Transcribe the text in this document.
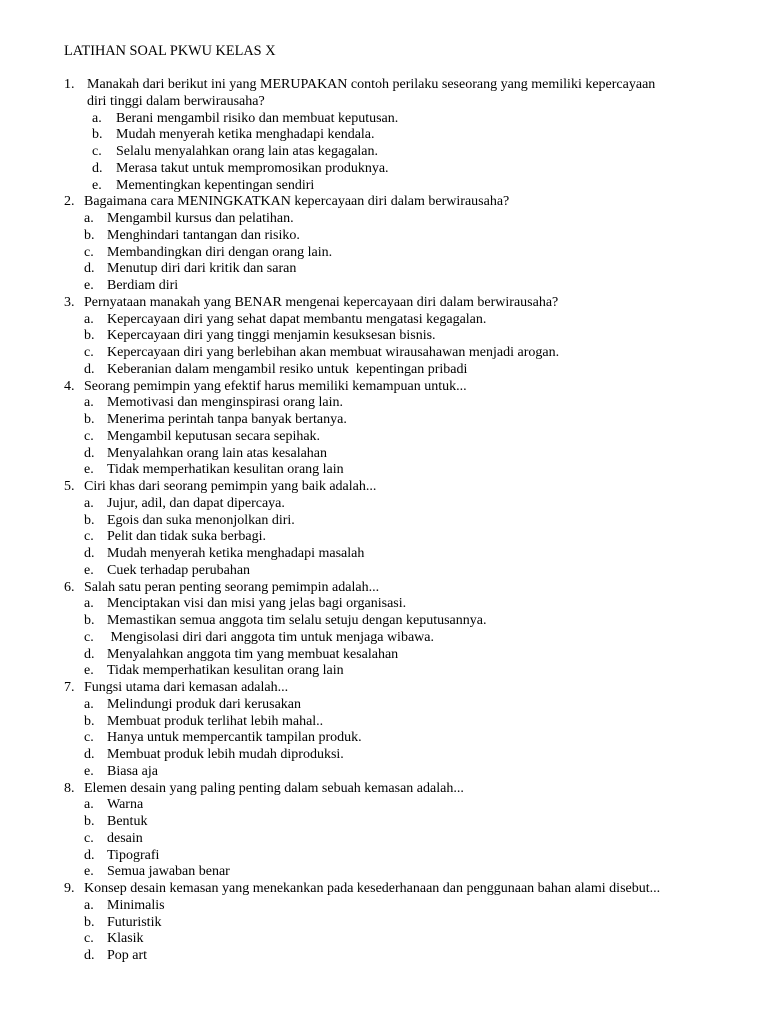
LATIHAN SOAL PKWU KELAS X
1. Manakah dari berikut ini yang MERUPAKAN contoh perilaku seseorang yang memiliki kepercayaan
diri tinggi dalam berwirausaha?
a. Berani mengambil risiko dan membuat keputusan.
b. Mudah menyerah ketika menghadapi kendala.
c. Selalu menyalahkan orang lain atas kegagalan.
d. Merasa takut untuk mempromosikan produknya.
e. Mementingkan kepentingan sendiri
2. Bagaimana cara MENINGKATKAN kepercayaan diri dalam berwirausaha?
a. Mengambil kursus dan pelatihan.
b. Menghindari tantangan dan risiko.
c. Membandingkan diri dengan orang lain.
d. Menutup diri dari kritik dan saran
e. Berdiam diri
3. Pernyataan manakah yang BENAR mengenai kepercayaan diri dalam berwirausaha?
a. Kepercayaan diri yang sehat dapat membantu mengatasi kegagalan.
b. Kepercayaan diri yang tinggi menjamin kesuksesan bisnis.
c. Kepercayaan diri yang berlebihan akan membuat wirausahawan menjadi arogan.
d. Keberanian dalam mengambil resiko untuk  kepentingan pribadi
4. Seorang pemimpin yang efektif harus memiliki kemampuan untuk...
a. Memotivasi dan menginspirasi orang lain.
b. Menerima perintah tanpa banyak bertanya.
c. Mengambil keputusan secara sepihak.
d. Menyalahkan orang lain atas kesalahan
e. Tidak memperhatikan kesulitan orang lain
5. Ciri khas dari seorang pemimpin yang baik adalah...
a. Jujur, adil, dan dapat dipercaya.
b. Egois dan suka menonjolkan diri.
c. Pelit dan tidak suka berbagi.
d. Mudah menyerah ketika menghadapi masalah
e. Cuek terhadap perubahan
6. Salah satu peran penting seorang pemimpin adalah...
a. Menciptakan visi dan misi yang jelas bagi organisasi.
b. Memastikan semua anggota tim selalu setuju dengan keputusannya.
c. Mengisolasi diri dari anggota tim untuk menjaga wibawa.
d. Menyalahkan anggota tim yang membuat kesalahan
e. Tidak memperhatikan kesulitan orang lain
7. Fungsi utama dari kemasan adalah...
a. Melindungi produk dari kerusakan
b. Membuat produk terlihat lebih mahal..
c. Hanya untuk mempercantik tampilan produk.
d. Membuat produk lebih mudah diproduksi.
e. Biasa aja
8. Elemen desain yang paling penting dalam sebuah kemasan adalah...
a. Warna
b. Bentuk
c. desain
d. Tipografi
e. Semua jawaban benar
9. Konsep desain kemasan yang menekankan pada kesederhanaan dan penggunaan bahan alami disebut...
a. Minimalis
b. Futuristik
c. Klasik
d. Pop art
